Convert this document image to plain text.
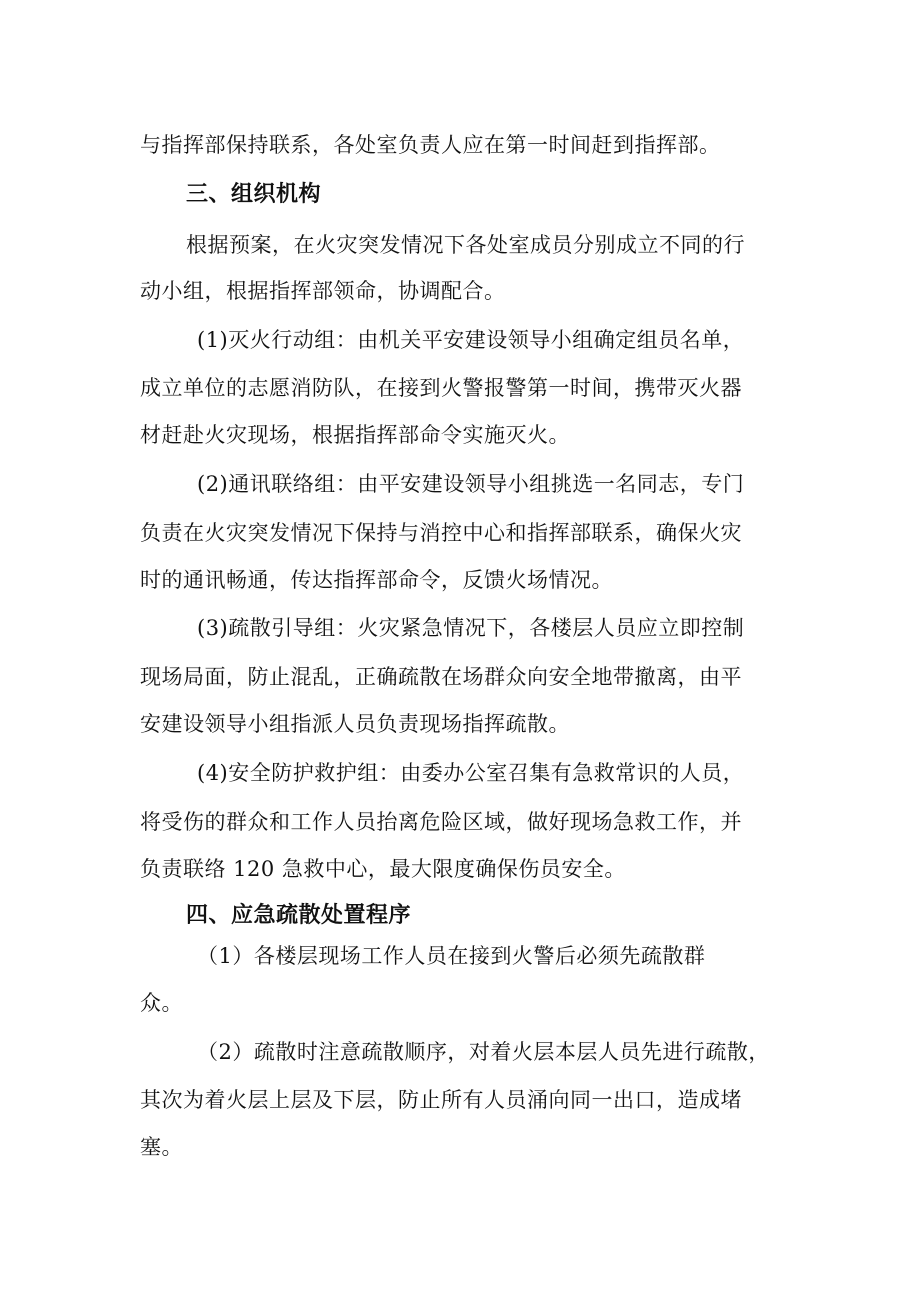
与指挥部保持联系，各处室负责人应在第一时间赶到指挥部。
三、组织机构
根据预案，在火灾突发情况下各处室成员分别成立不同的行
动小组，根据指挥部领命，协调配合。
(1)灭火行动组：由机关平安建设领导小组确定组员名单，
成立单位的志愿消防队，在接到火警报警第一时间，携带灭火器
材赶赴火灾现场，根据指挥部命令实施灭火。
(2)通讯联络组：由平安建设领导小组挑选一名同志，专门
负责在火灾突发情况下保持与消控中心和指挥部联系，确保火灾
时的通讯畅通，传达指挥部命令，反馈火场情况。
(3)疏散引导组：火灾紧急情况下，各楼层人员应立即控制
现场局面，防止混乱，正确疏散在场群众向安全地带撤离，由平
安建设领导小组指派人员负责现场指挥疏散。
(4)安全防护救护组：由委办公室召集有急救常识的人员，
将受伤的群众和工作人员抬离危险区域，做好现场急救工作，并
负责联络 120 急救中心，最大限度确保伤员安全。
四、应急疏散处置程序
（1）各楼层现场工作人员在接到火警后必须先疏散群
众。
（2）疏散时注意疏散顺序，对着火层本层人员先进行疏散，
其次为着火层上层及下层，防止所有人员涌向同一出口，造成堵
塞。
